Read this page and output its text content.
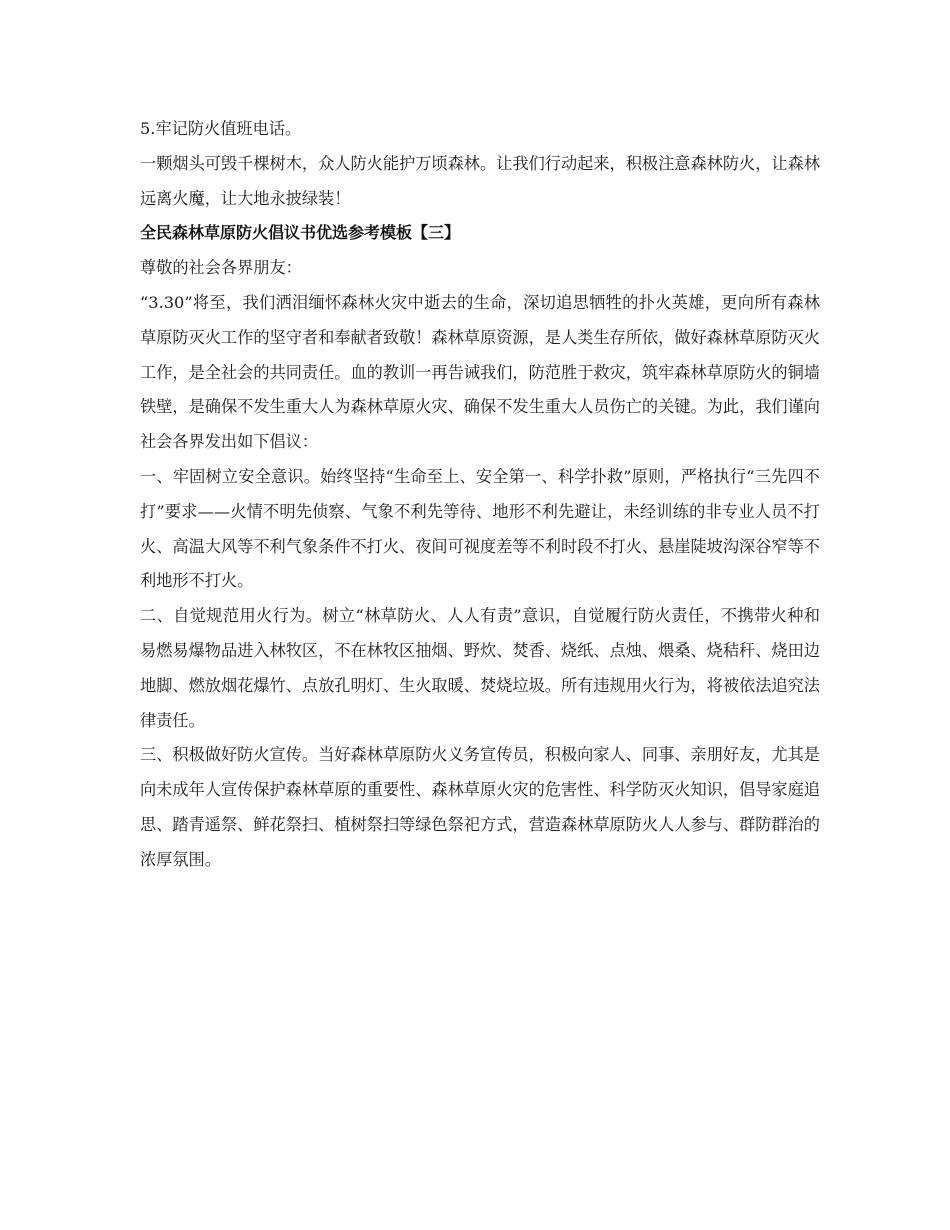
5.牢记防火值班电话。

一颗烟头可毁千棵树木，众人防火能护万顷森林。让我们行动起来，积极注意森林防火，让森林远离火魔，让大地永披绿装！

全民森林草原防火倡议书优选参考模板【三】

尊敬的社会各界朋友：

“3.30”将至，我们洒泪缅怀森林火灾中逝去的生命，深切追思牺牲的扑火英雄，更向所有森林草原防灭火工作的坚守者和奉献者致敬！森林草原资源，是人类生存所依，做好森林草原防灭火工作，是全社会的共同责任。血的教训一再告诫我们，防范胜于救灾，筑牢森林草原防火的铜墙铁壁，是确保不发生重大人为森林草原火灾、确保不发生重大人员伤亡的关键。为此，我们谨向社会各界发出如下倡议：

一、牢固树立安全意识。始终坚持“生命至上、安全第一、科学扑救”原则，严格执行“三先四不打”要求——火情不明先侦察、气象不利先等待、地形不利先避让，未经训练的非专业人员不打火、高温大风等不利气象条件不打火、夜间可视度差等不利时段不打火、悬崖陡坡沟深谷窄等不利地形不打火。

二、自觉规范用火行为。树立“林草防火、人人有责”意识，自觉履行防火责任，不携带火种和易燃易爆物品进入林牧区，不在林牧区抽烟、野炊、焚香、烧纸、点烛、煨桑、烧秸秆、烧田边地脚、燃放烟花爆竹、点放孔明灯、生火取暖、焚烧垃圾。所有违规用火行为，将被依法追究法律责任。

三、积极做好防火宣传。当好森林草原防火义务宣传员，积极向家人、同事、亲朋好友，尤其是向未成年人宣传保护森林草原的重要性、森林草原火灾的危害性、科学防灭火知识，倡导家庭追思、踏青遥祭、鲜花祭扫、植树祭扫等绿色祭祀方式，营造森林草原防火人人参与、群防群治的浓厚氛围。
